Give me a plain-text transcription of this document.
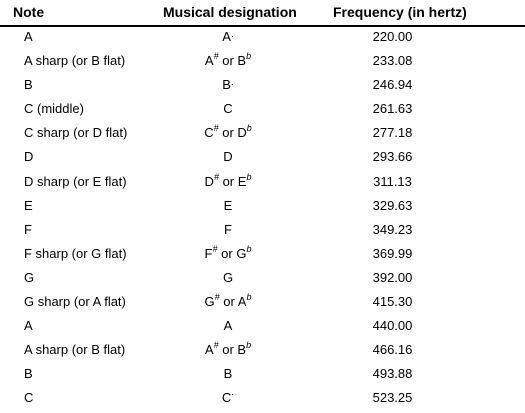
Note	Musical designation	Frequency (in hertz)
A	A.	220.00
A sharp (or B flat)	A# or $B^b$	233.08
B	B.	246.94
C (middle)	C	261.63
C sharp (or D flat)	C# or $D^b$	277.18
D	D	293.66
D sharp (or E flat)	D# or $E^b$	311.13
E	E	329.63
F	F	349.23
F sharp (or G flat)	F# or $G^b$	369.99
G	G	392.00
G sharp (or A flat)	G# or $A^b$	415.30
A	A	440.00
A sharp (or B flat)	A# or $B^b$	466.16
B	B	493.88
C	C.	523.25
